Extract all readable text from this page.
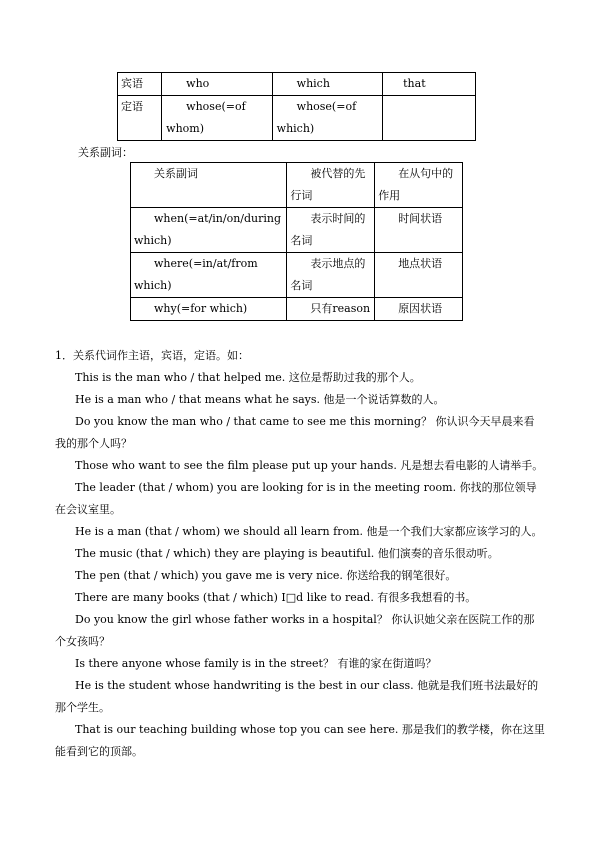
宾语	who	which	that
定语	whose(=of whom)	whose(=of which)	

关系副词：
关系副词	被代替的先行词	在从句中的作用

when(=at/in/on/during which)	表示时间的名词	时间状语

where(=in/at/from which)	表示地点的名词	地点状语

why(=for which)	只有reason	原因状语

1．关系代词作主语，宾语，定语。如：

This is the man who / that helped me. 这位是帮助过我的那个人。

He is a man who / that means what he says. 他是一个说话算数的人。

Do you know the man who / that came to see me this morning？ 你认识今天早晨来看我的那个人吗？

Those who want to see the film please put up your hands. 凡是想去看电影的人请举手。

The leader (that / whom) you are looking for is in the meeting room. 你找的那位领导在会议室里。

He is a man (that / whom) we should all learn from. 他是一个我们大家都应该学习的人。

The music (that / which) they are playing is beautiful. 他们演奏的音乐很动听。

The pen (that / which) you gave me is very nice. 你送给我的钢笔很好。

There are many books (that / which) I□d like to read. 有很多我想看的书。

Do you know the girl whose father works in a hospital？ 你认识她父亲在医院工作的那个女孩吗？

Is there anyone whose family is in the street？ 有谁的家在街道吗？

He is the student whose handwriting is the best in our class. 他就是我们班书法最好的那个学生。

That is our teaching building whose top you can see here. 那是我们的教学楼，你在这里能看到它的顶部。
